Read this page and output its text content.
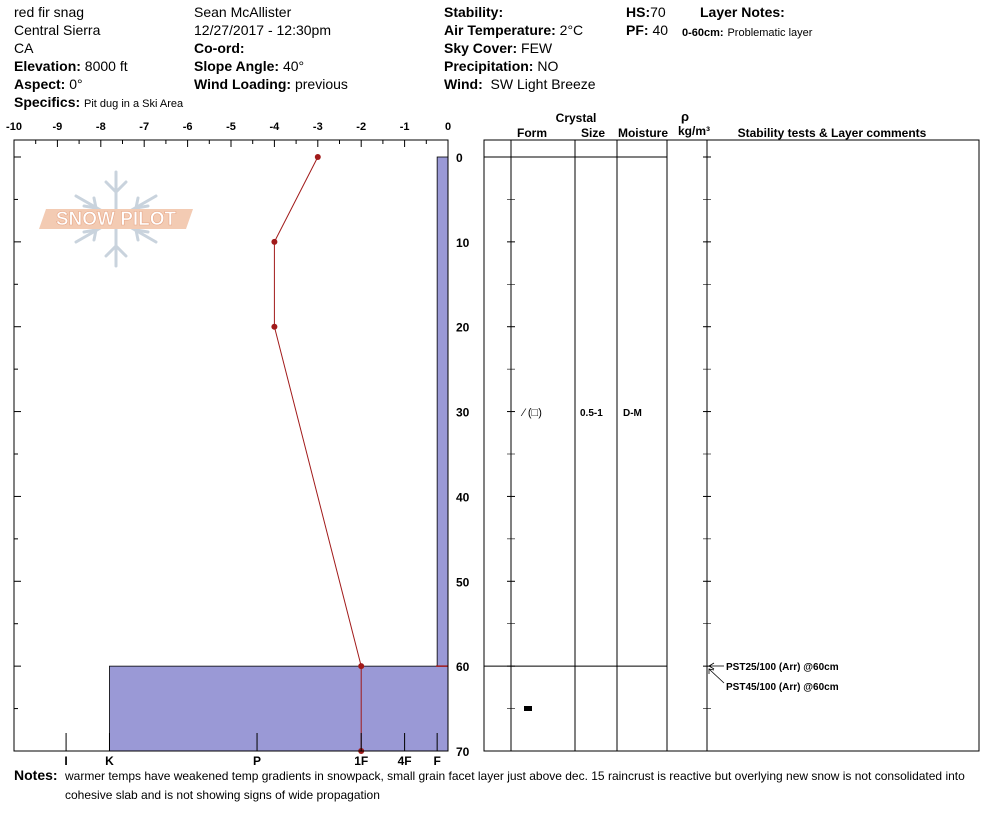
red fir snag
Central Sierra
CA
Elevation: 8000 ft
Aspect: 0°
Specifics: Pit dug in a Ski Area
Sean McAllister
12/27/2017 - 12:30pm
Co-ord:
Slope Angle: 40°
Wind Loading: previous
Stability:
Air Temperature: 2°C
Sky Cover: FEW
Precipitation: NO
Wind: SW Light Breeze
HS:70
PF: 40
Layer Notes:
0-60cm: Problematic layer
SNOW PILOT
-10	-9	-8	-7	-6	-5	-4	-3	-2	-1	0
I	K	P	1F 4F F
0
10
20
30
40
50
60
70
Crystal
Form	Size Moisture
ρ
kg/m³ Stability tests & Layer comments
⁄ (□)	0.5-1 D-M
PST25/100 (Arr) @60cm
PST45/100 (Arr) @60cm
Notes: warmer temps have weakened temp gradients in snowpack, small grain facet layer just above dec. 15 raincrust is reactive but overlying new snow is not consolidated into cohesive slab and is not showing signs of wide propagation
